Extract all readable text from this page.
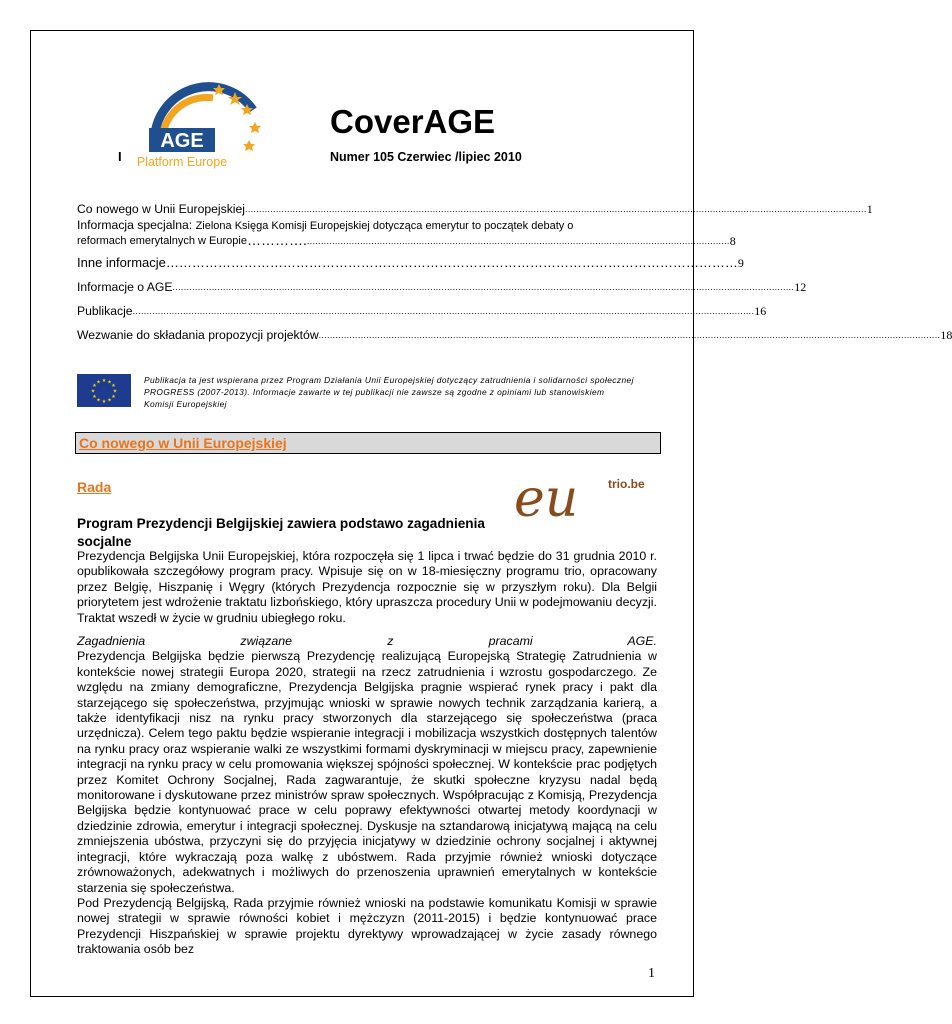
I
AGE
Platform Europe
CoverAGE
Numer 105 Czerwiec /lipiec 2010
Co nowego w Unii Europejskiej .............................................................................................................................................................................................................................. 1
Informacja specjalna: Zielona Księga Komisji Europejskiej dotycząca emerytur to początek debaty o
reformach emerytalnych w Europie …………. ....................................................................................................................................................... 8
Inne informacje …………………………………………………………………………………………………………………… 9
Informacje o AGE .............................................................................................................................................................................................................................. 12
Publikacje .............................................................................................................................................................................................................................. 16
Wezwanie do składania propozycji projektów .............................................................................................................................................................................................................................. 18
★ ★
★
★
★
★
★
★
★
★
★
★	Publikacja ta jest wspierana przez Program Działania Unii Europejskiej dotyczący zatrudnienia i solidarności społecznej PROGRESS (2007-2013). Informacje zawarte w tej publikacji nie zawsze są zgodne z opiniami lub stanowiskiem Komisji Europejskiej
Co nowego w Unii Europejskiej
Rada	eu trio.be
Program Prezydencji Belgijskiej zawiera podstawo zagadnienia socjalne

Prezydencja Belgijska Unii Europejskiej, która rozpoczęła się 1 lipca i trwać będzie do 31 grudnia 2010 r. opublikowała szczegółowy program pracy. Wpisuje się on w 18-miesięczny programu trio, opracowany przez Belgię, Hiszpanię i Węgry (których Prezydencja rozpocznie się w przyszłym roku). Dla Belgii priorytetem jest wdrożenie traktatu lizbońskiego, który upraszcza procedury Unii w podejmowaniu decyzji. Traktat wszedł w życie w grudniu ubiegłego roku.

Zagadnienia związane z pracami AGE.

Prezydencja Belgijska będzie pierwszą Prezydencję realizującą Europejską Strategię Zatrudnienia w kontekście nowej strategii Europa 2020, strategii na rzecz zatrudnienia i wzrostu gospodarczego. Ze względu na zmiany demograficzne, Prezydencja Belgijska pragnie wspierać rynek pracy i pakt dla starzejącego się społeczeństwa, przyjmując wnioski w sprawie nowych technik zarządzania karierą, a także identyfikacji nisz na rynku pracy stworzonych dla starzejącego się społeczeństwa (praca urzędnicza). Celem tego paktu będzie wspieranie integracji i mobilizacja wszystkich dostępnych talentów na rynku pracy oraz wspieranie walki ze wszystkimi formami dyskryminacji w miejscu pracy, zapewnienie integracji na rynku pracy w celu promowania większej spójności społecznej. W kontekście prac podjętych przez Komitet Ochrony Socjalnej, Rada zagwarantuje, że skutki społeczne kryzysu nadal będą monitorowane i dyskutowane przez ministrów spraw społecznych. Współpracując z Komisją, Prezydencja Belgijska będzie kontynuować prace w celu poprawy efektywności otwartej metody koordynacji w dziedzinie zdrowia, emerytur i integracji społecznej. Dyskusje na sztandarową inicjatywą mającą na celu zmniejszenia ubóstwa, przyczyni się do przyjęcia inicjatywy w dziedzinie ochrony socjalnej i aktywnej integracji, które wykraczają poza walkę z ubóstwem. Rada przyjmie również wnioski dotyczące zrównoważonych, adekwatnych i możliwych do przenoszenia uprawnień emerytalnych w kontekście starzenia się społeczeństwa.

Pod Prezydencją Belgijską, Rada przyjmie również wnioski na podstawie komunikatu Komisji w sprawie nowej strategii w sprawie równości kobiet i mężczyzn (2011-2015) i będzie kontynuować prace Prezydencji Hiszpańskiej w sprawie projektu dyrektywy wprowadzającej w życie zasady równego traktowania osób bez

1
